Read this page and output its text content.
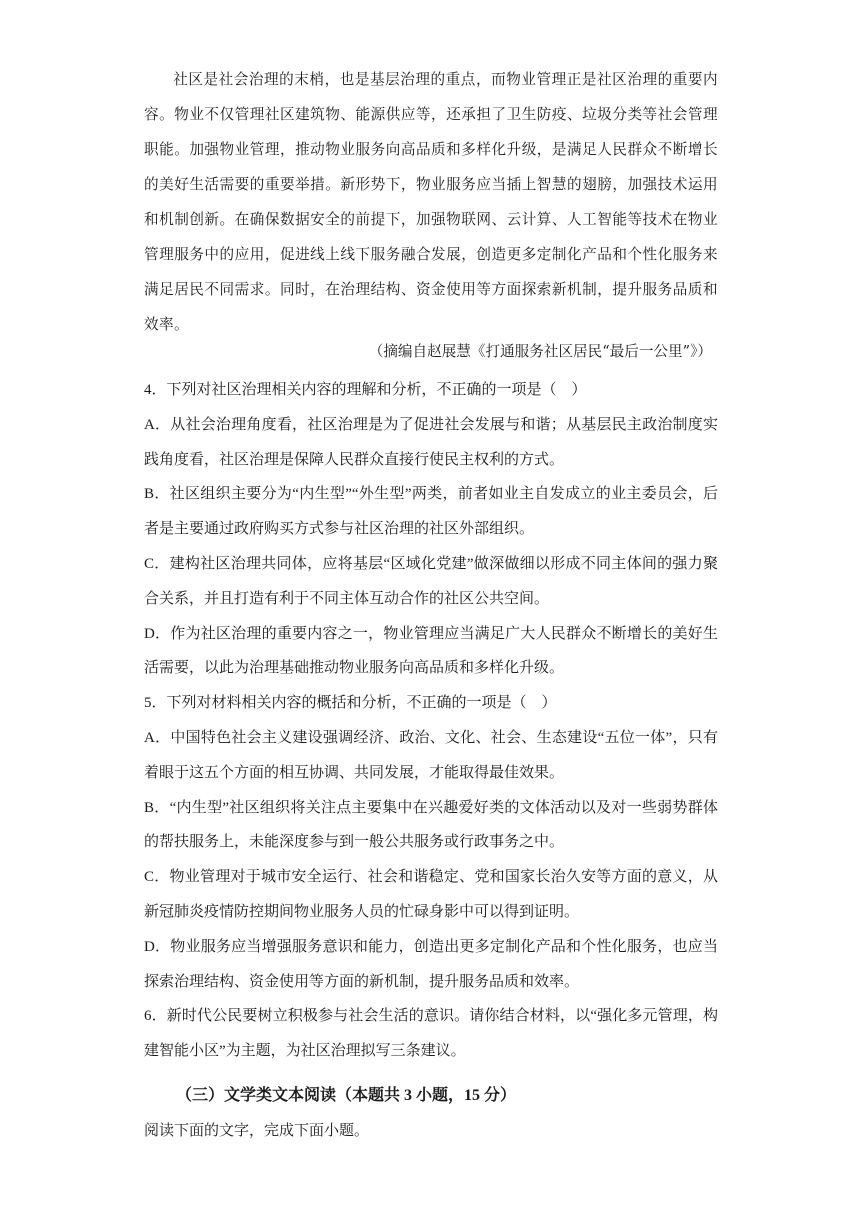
社区是社会治理的末梢，也是基层治理的重点，而物业管理正是社区治理的重要内容。物业不仅管理社区建筑物、能源供应等，还承担了卫生防疫、垃圾分类等社会管理职能。加强物业管理，推动物业服务向高品质和多样化升级，是满足人民群众不断增长的美好生活需要的重要举措。新形势下，物业服务应当插上智慧的翅膀，加强技术运用和机制创新。在确保数据安全的前提下，加强物联网、云计算、人工智能等技术在物业管理服务中的应用，促进线上线下服务融合发展，创造更多定制化产品和个性化服务来满足居民不同需求。同时，在治理结构、资金使用等方面探索新机制，提升服务品质和效率。

（摘编自赵展慧《打通服务社区居民“最后一公里”》）

4．下列对社区治理相关内容的理解和分析，不正确的一项是（　）

A．从社会治理角度看，社区治理是为了促进社会发展与和谐；从基层民主政治制度实践角度看，社区治理是保障人民群众直接行使民主权利的方式。

B．社区组织主要分为“内生型”“外生型”两类，前者如业主自发成立的业主委员会，后者是主要通过政府购买方式参与社区治理的社区外部组织。

C．建构社区治理共同体，应将基层“区域化党建”做深做细以形成不同主体间的强力聚合关系，并且打造有利于不同主体互动合作的社区公共空间。

D．作为社区治理的重要内容之一，物业管理应当满足广大人民群众不断增长的美好生活需要，以此为治理基础推动物业服务向高品质和多样化升级。

5．下列对材料相关内容的概括和分析，不正确的一项是（　）

A．中国特色社会主义建设强调经济、政治、文化、社会、生态建设“五位一体”，只有着眼于这五个方面的相互协调、共同发展，才能取得最佳效果。

B．“内生型”社区组织将关注点主要集中在兴趣爱好类的文体活动以及对一些弱势群体的帮扶服务上，未能深度参与到一般公共服务或行政事务之中。

C．物业管理对于城市安全运行、社会和谐稳定、党和国家长治久安等方面的意义，从新冠肺炎疫情防控期间物业服务人员的忙碌身影中可以得到证明。

D．物业服务应当增强服务意识和能力，创造出更多定制化产品和个性化服务，也应当探索治理结构、资金使用等方面的新机制，提升服务品质和效率。

6．新时代公民要树立积极参与社会生活的意识。请你结合材料，以“强化多元管理，构建智能小区”为主题，为社区治理拟写三条建议。

（三）文学类文本阅读（本题共 3 小题，15 分）

阅读下面的文字，完成下面小题。
